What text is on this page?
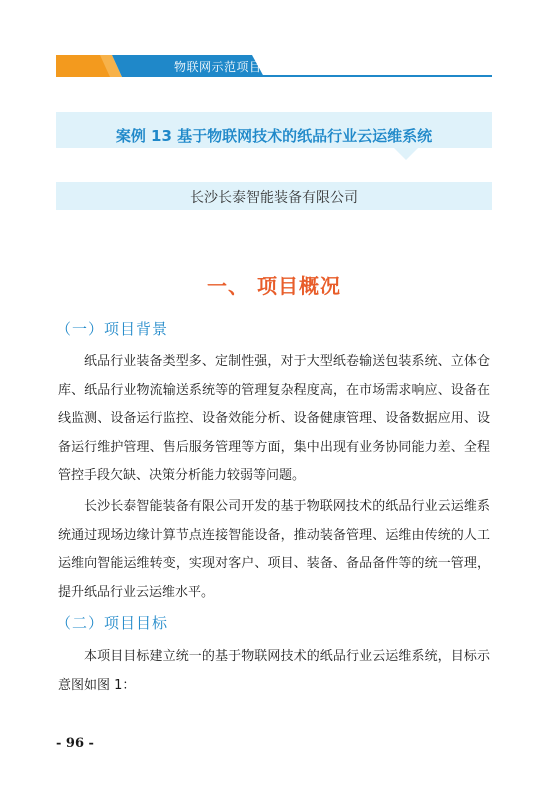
物联网示范项目优秀案例集
案例 13 基于物联网技术的纸品行业云运维系统
长沙长泰智能装备有限公司
一、 项目概况
（一）项目背景
纸品行业装备类型多、定制性强，对于大型纸卷输送包装系统、立体仓库、纸品行业物流输送系统等的管理复杂程度高，在市场需求响应、设备在线监测、设备运行监控、设备效能分析、设备健康管理、设备数据应用、设备运行维护管理、售后服务管理等方面，集中出现有业务协同能力差、全程管控手段欠缺、决策分析能力较弱等问题。
长沙长泰智能装备有限公司开发的基于物联网技术的纸品行业云运维系统通过现场边缘计算节点连接智能设备，推动装备管理、运维由传统的人工运维向智能运维转变，实现对客户、项目、装备、备品备件等的统一管理，提升纸品行业云运维水平。
（二）项目目标
本项目目标建立统一的基于物联网技术的纸品行业云运维系统，目标示意图如图 1：
- 96 -
